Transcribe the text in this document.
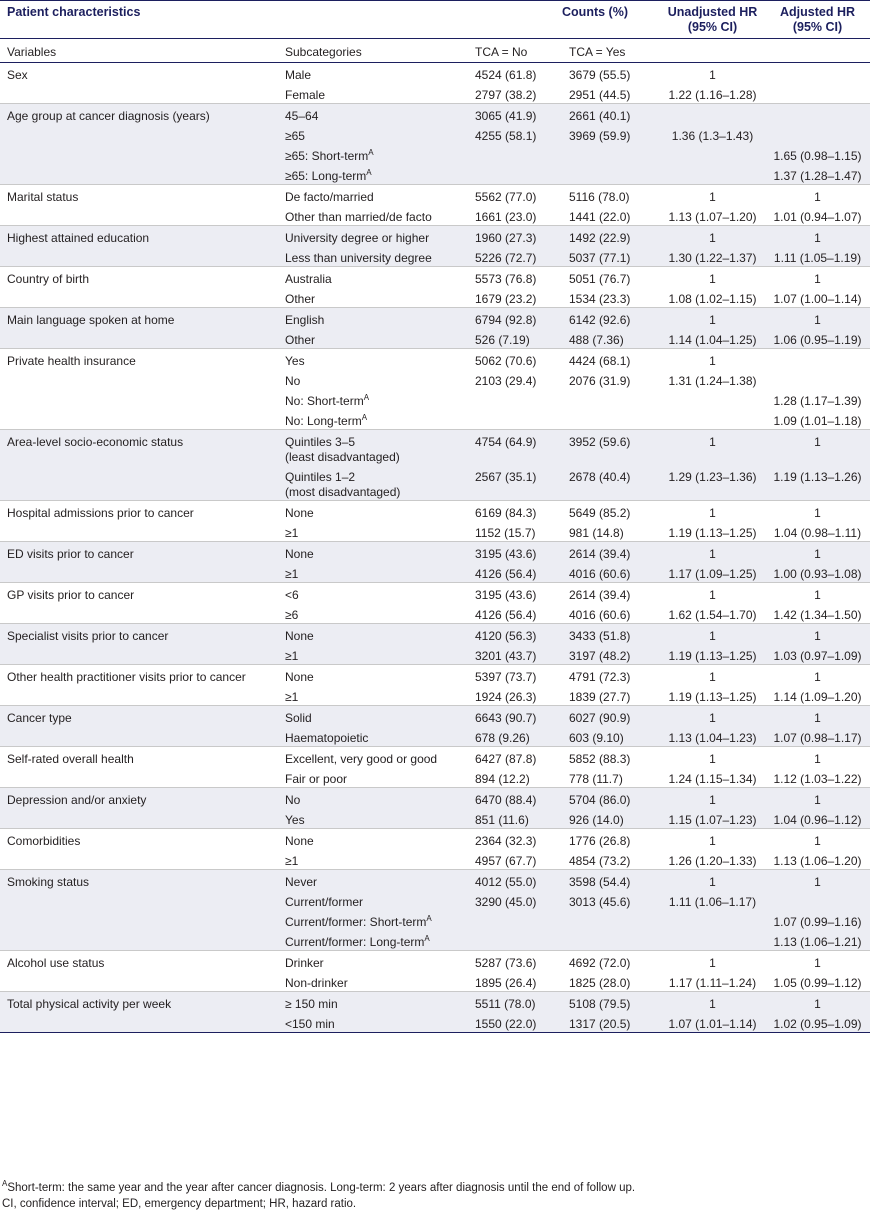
Patient characteristics		Counts (%)		Unadjusted HR
(95% CI)	Adjusted HR
(95% CI)
Variables	Subcategories	TCA = No	TCA = Yes		
Sex	Male	4524 (61.8)	3679 (55.5)	1	
	Female	2797 (38.2)	2951 (44.5)	1.22 (1.16–1.28)	
Age group at cancer diagnosis (years)	45–64	3065 (41.9)	2661 (40.1)		
	≥65	4255 (58.1)	3969 (59.9)	1.36 (1.3–1.43)	
	≥65: Short-term$^A$				1.65 (0.98–1.15)
	≥65: Long-term$^A$				1.37 (1.28–1.47)
Marital status	De facto/married	5562 (77.0)	5116 (78.0)	1	1
	Other than married/de facto	1661 (23.0)	1441 (22.0)	1.13 (1.07–1.20)	1.01 (0.94–1.07)
Highest attained education	University degree or higher	1960 (27.3)	1492 (22.9)	1	1
	Less than university degree	5226 (72.7)	5037 (77.1)	1.30 (1.22–1.37)	1.11 (1.05–1.19)
Country of birth	Australia	5573 (76.8)	5051 (76.7)	1	1
	Other	1679 (23.2)	1534 (23.3)	1.08 (1.02–1.15)	1.07 (1.00–1.14)
Main language spoken at home	English	6794 (92.8)	6142 (92.6)	1	1
	Other	526 (7.19)	488 (7.36)	1.14 (1.04–1.25)	1.06 (0.95–1.19)
Private health insurance	Yes	5062 (70.6)	4424 (68.1)	1	
	No	2103 (29.4)	2076 (31.9)	1.31 (1.24–1.38)	
	No: Short-term$^A$				1.28 (1.17–1.39)
	No: Long-term$^A$				1.09 (1.01–1.18)
Area-level socio-economic status	Quintiles 3–5
(least disadvantaged)	4754 (64.9)	3952 (59.6)	1	1
	Quintiles 1–2
(most disadvantaged)	2567 (35.1)	2678 (40.4)	1.29 (1.23–1.36)	1.19 (1.13–1.26)
Hospital admissions prior to cancer	None	6169 (84.3)	5649 (85.2)	1	1
	≥1	1152 (15.7)	981 (14.8)	1.19 (1.13–1.25)	1.04 (0.98–1.11)
ED visits prior to cancer	None	3195 (43.6)	2614 (39.4)	1	1
	≥1	4126 (56.4)	4016 (60.6)	1.17 (1.09–1.25)	1.00 (0.93–1.08)
GP visits prior to cancer	<6	3195 (43.6)	2614 (39.4)	1	1
	≥6	4126 (56.4)	4016 (60.6)	1.62 (1.54–1.70)	1.42 (1.34–1.50)
Specialist visits prior to cancer	None	4120 (56.3)	3433 (51.8)	1	1
	≥1	3201 (43.7)	3197 (48.2)	1.19 (1.13–1.25)	1.03 (0.97–1.09)
Other health practitioner visits prior to cancer	None	5397 (73.7)	4791 (72.3)	1	1
	≥1	1924 (26.3)	1839 (27.7)	1.19 (1.13–1.25)	1.14 (1.09–1.20)
Cancer type	Solid	6643 (90.7)	6027 (90.9)	1	1
	Haematopoietic	678 (9.26)	603 (9.10)	1.13 (1.04–1.23)	1.07 (0.98–1.17)
Self-rated overall health	Excellent, very good or good	6427 (87.8)	5852 (88.3)	1	1
	Fair or poor	894 (12.2)	778 (11.7)	1.24 (1.15–1.34)	1.12 (1.03–1.22)
Depression and/or anxiety	No	6470 (88.4)	5704 (86.0)	1	1
	Yes	851 (11.6)	926 (14.0)	1.15 (1.07–1.23)	1.04 (0.96–1.12)
Comorbidities	None	2364 (32.3)	1776 (26.8)	1	1
	≥1	4957 (67.7)	4854 (73.2)	1.26 (1.20–1.33)	1.13 (1.06–1.20)
Smoking status	Never	4012 (55.0)	3598 (54.4)	1	1
	Current/former	3290 (45.0)	3013 (45.6)	1.11 (1.06–1.17)	
	Current/former: Short-term$^A$				1.07 (0.99–1.16)
	Current/former: Long-term$^A$				1.13 (1.06–1.21)
Alcohol use status	Drinker	5287 (73.6)	4692 (72.0)	1	1
	Non-drinker	1895 (26.4)	1825 (28.0)	1.17 (1.11–1.24)	1.05 (0.99–1.12)
Total physical activity per week	≥ 150 min	5511 (78.0)	5108 (79.5)	1	1
	<150 min	1550 (22.0)	1317 (20.5)	1.07 (1.01–1.14)	1.02 (0.95–1.09)
$^A$Short-term: the same year and the year after cancer diagnosis. Long-term: 2 years after diagnosis until the end of follow up.
CI, confidence interval; ED, emergency department; HR, hazard ratio.
